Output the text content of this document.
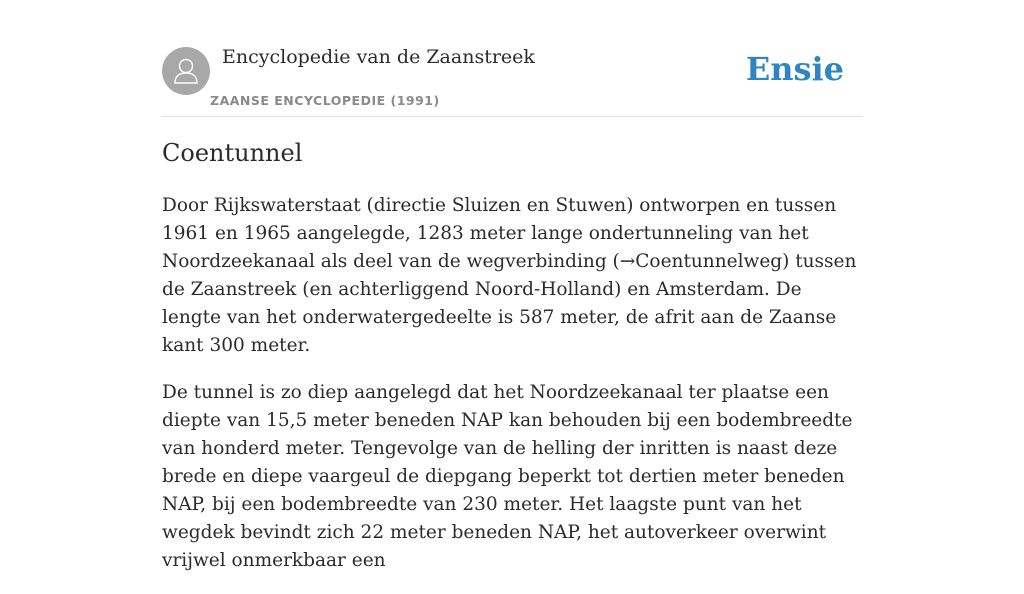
Encyclopedie van de Zaanstreek
ZAANSE ENCYCLOPEDIE (1991)
Ensie
Coentunnel

Door Rijkswaterstaat (directie Sluizen en Stuwen) ontworpen en tussen 1961 en 1965 aangelegde, 1283 meter lange ondertunneling van het Noordzeekanaal als deel van de wegverbinding (→Coentunnelweg) tussen de Zaanstreek (en achterliggend Noord-Holland) en Amsterdam. De lengte van het onderwatergedeelte is 587 meter, de afrit aan de Zaanse kant 300 meter.

De tunnel is zo diep aangelegd dat het Noordzeekanaal ter plaatse een diepte van 15,5 meter beneden NAP kan behouden bij een bodembreedte van honderd meter. Tengevolge van de helling der inritten is naast deze brede en diepe vaargeul de diepgang beperkt tot dertien meter beneden NAP, bij een bodembreedte van 230 meter. Het laagste punt van het wegdek bevindt zich 22 meter beneden NAP, het autoverkeer overwint vrijwel onmerkbaar een
